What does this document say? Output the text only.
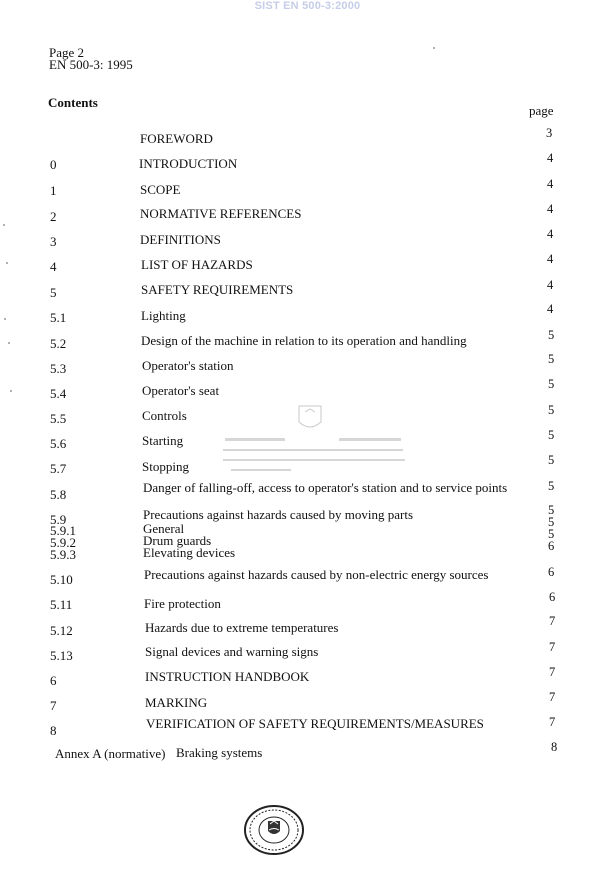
SIST EN 500-3:2000
Page 2
EN 500-3: 1995
Contents
page
FOREWORD	3
0	INTRODUCTION	4
1	SCOPE	4
2	NORMATIVE REFERENCES	4
3	DEFINITIONS	4
4	LIST OF HAZARDS	4
5	SAFETY REQUIREMENTS	4
5.1	Lighting	4
5.2	Design of the machine in relation to its operation and handling	5
5.3	Operator's station	5
5.4	Operator's seat	5
5.5	Controls	5
5.6	Starting	5
5.7	Stopping	5
5.8	Danger of falling-off, access to operator's station and to service points	5
5.9	Precautions against hazards caused by moving parts	5
5.9.1	General	5
5.9.2	Drum guards	5
5.9.3	Elevating devices	6
5.10	Precautions against hazards caused by non-electric energy sources	6
5.11	Fire protection	6
5.12	Hazards due to extreme temperatures	7
5.13	Signal devices and warning signs	7
6	INSTRUCTION HANDBOOK	7
7	MARKING	7
8	VERIFICATION OF SAFETY REQUIREMENTS/MEASURES	7
Annex A (normative) Braking systems	8
